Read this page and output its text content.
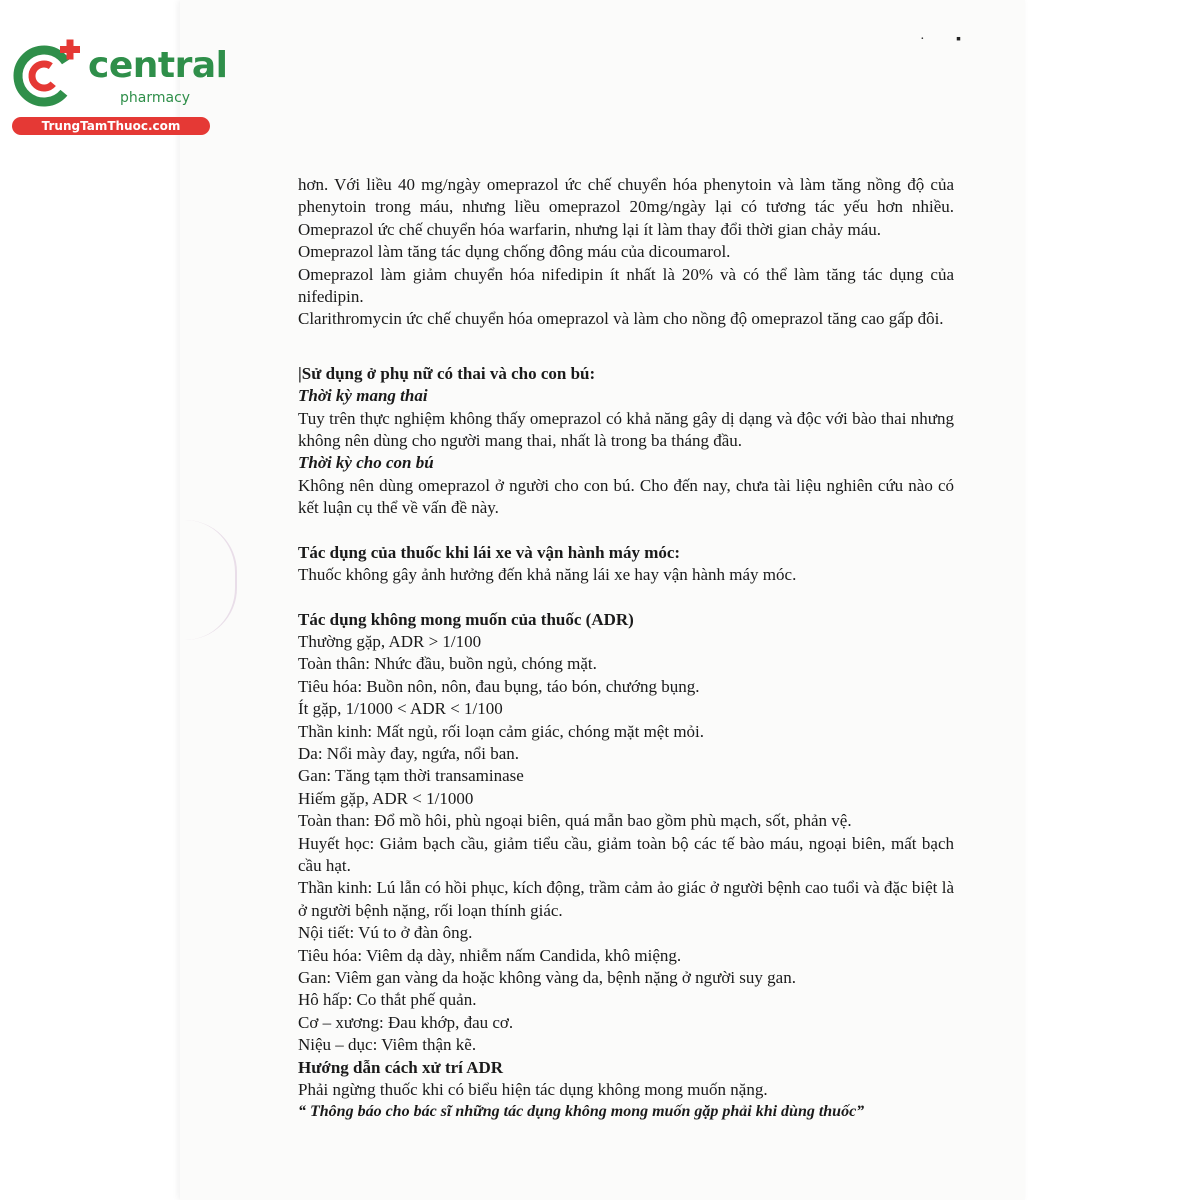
central
pharmacy
TrungTamThuoc.com
·         ▪

hơn. Với liều 40 mg/ngày omeprazol ức chế chuyển hóa phenytoin và làm tăng nồng độ của phenytoin trong máu, nhưng liều omeprazol 20mg/ngày lại có tương tác yếu hơn nhiều. Omeprazol ức chế chuyển hóa warfarin, nhưng lại ít làm thay đổi thời gian chảy máu.

Omeprazol làm tăng tác dụng chống đông máu của dicoumarol.

Omeprazol làm giảm chuyển hóa nifedipin ít nhất là 20% và có thể làm tăng tác dụng của nifedipin.

Clarithromycin ức chế chuyển hóa omeprazol và làm cho nồng độ omeprazol tăng cao gấp đôi.

|Sử dụng ở phụ nữ có thai và cho con bú:

Thời kỳ mang thai

Tuy trên thực nghiệm không thấy omeprazol có khả năng gây dị dạng và độc với bào thai nhưng không nên dùng cho người mang thai, nhất là trong ba tháng đầu.

Thời kỳ cho con bú

Không nên dùng omeprazol ở người cho con bú. Cho đến nay, chưa tài liệu nghiên cứu nào có kết luận cụ thể về vấn đề này.

Tác dụng của thuốc khi lái xe và vận hành máy móc:

Thuốc không gây ảnh hưởng đến khả năng lái xe hay vận hành máy móc.

Tác dụng không mong muốn của thuốc (ADR)

Thường gặp, ADR > 1/100

Toàn thân: Nhức đầu, buồn ngủ, chóng mặt.

Tiêu hóa: Buồn nôn, nôn, đau bụng, táo bón, chướng bụng.

Ít gặp, 1/1000 < ADR < 1/100

Thần kinh: Mất ngủ, rối loạn cảm giác, chóng mặt mệt mỏi.

Da: Nổi mày đay, ngứa, nổi ban.

Gan: Tăng tạm thời transaminase

Hiếm gặp, ADR < 1/1000

Toàn than: Đổ mồ hôi, phù ngoại biên, quá mẫn bao gồm phù mạch, sốt, phản vệ.

Huyết học: Giảm bạch cầu, giảm tiểu cầu, giảm toàn bộ các tế bào máu, ngoại biên, mất bạch cầu hạt.

Thần kinh: Lú lẫn có hồi phục, kích động, trầm cảm ảo giác ở người bệnh cao tuổi và đặc biệt là ở người bệnh nặng, rối loạn thính giác.

Nội tiết: Vú to ở đàn ông.

Tiêu hóa: Viêm dạ dày, nhiễm nấm Candida, khô miệng.

Gan: Viêm gan vàng da hoặc không vàng da, bệnh nặng ở người suy gan.

Hô hấp: Co thắt phế quản.

Cơ – xương: Đau khớp, đau cơ.

Niệu – dục: Viêm thận kẽ.

Hướng dẫn cách xử trí ADR

Phải ngừng thuốc khi có biểu hiện tác dụng không mong muốn nặng.

“ Thông báo cho bác sĩ những tác dụng không mong muốn gặp phải khi dùng thuốc”
